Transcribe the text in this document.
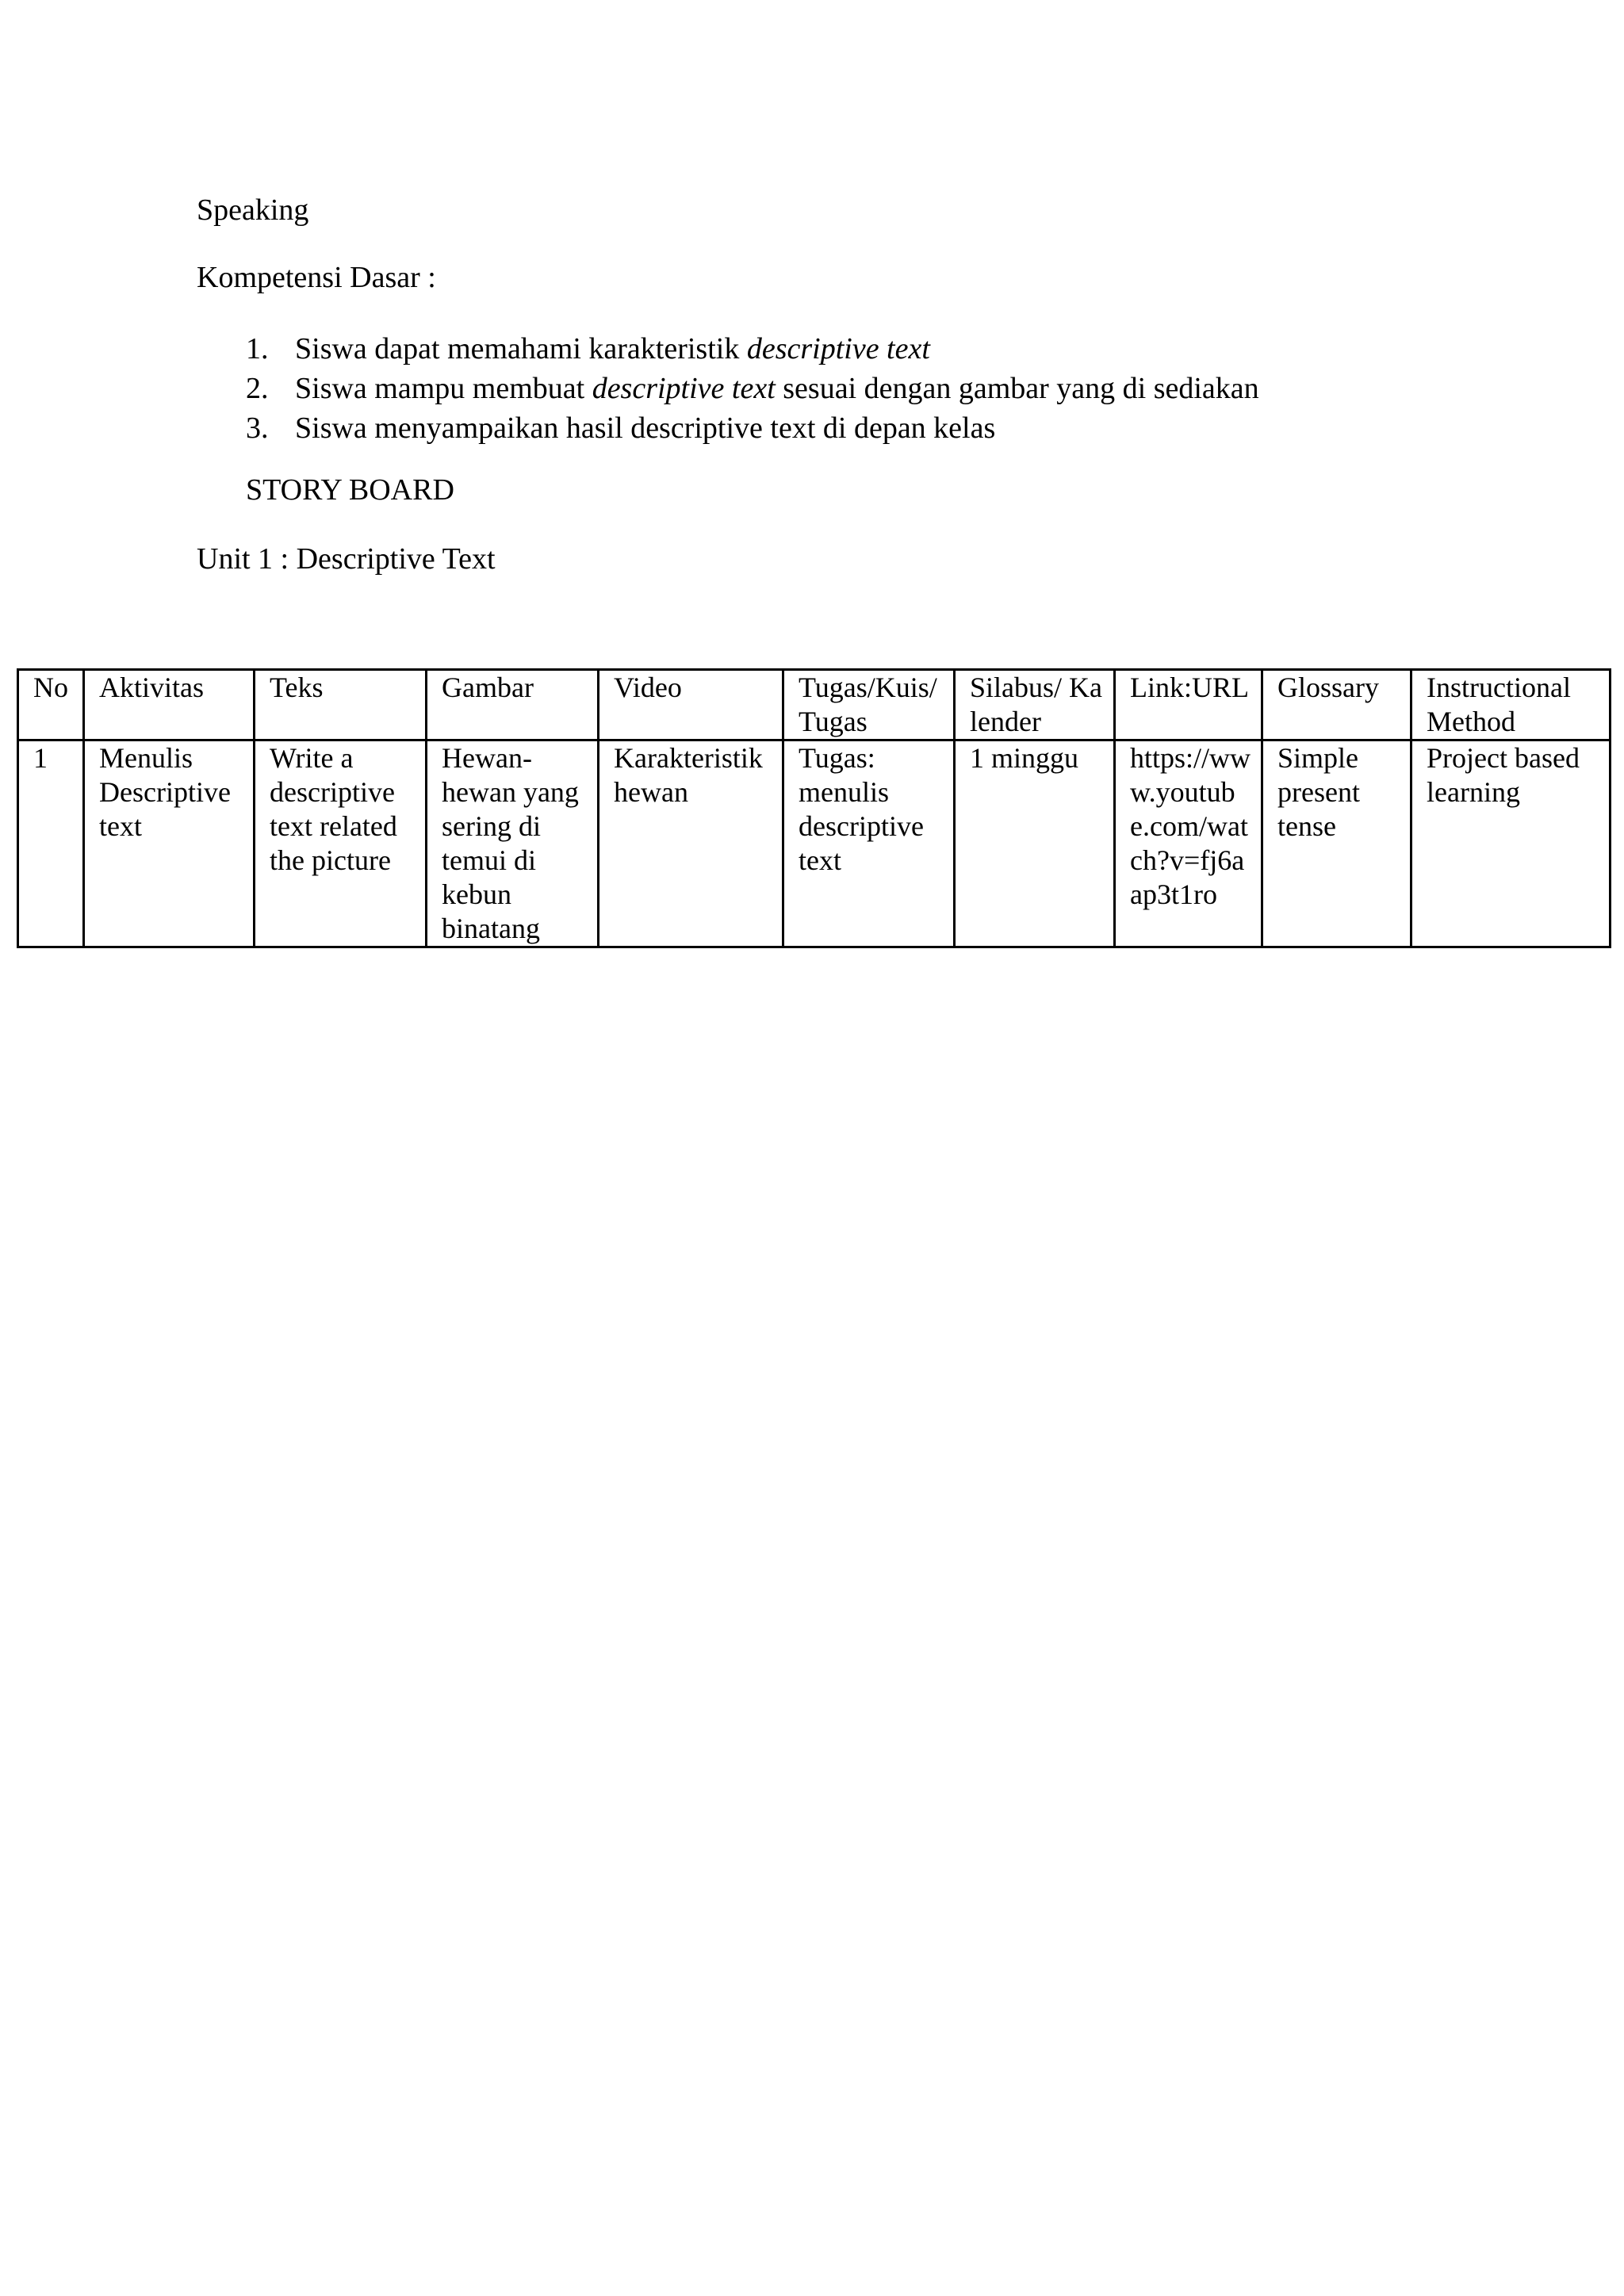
Speaking
Kompetensi Dasar :
1. Siswa dapat memahami karakteristik descriptive text
2. Siswa mampu membuat descriptive text sesuai dengan gambar yang di sediakan
3. Siswa menyampaikan hasil descriptive text di depan kelas
STORY BOARD
Unit 1 : Descriptive Text
No	Aktivitas	Teks	Gambar	Video	Tugas/Kuis/Tugas	Silabus/ Kalender	Link:URL	Glossary	Instructional Method
1	Menulis Descriptive text	Write a descriptive text related the picture	Hewan-hewan yang sering di temui di kebun binatang	Karakteristik hewan	Tugas: menulis descriptive text	1 minggu	https://www.youtube.com/watch?v=fj6aap3t1ro	Simple present tense	Project based learning
